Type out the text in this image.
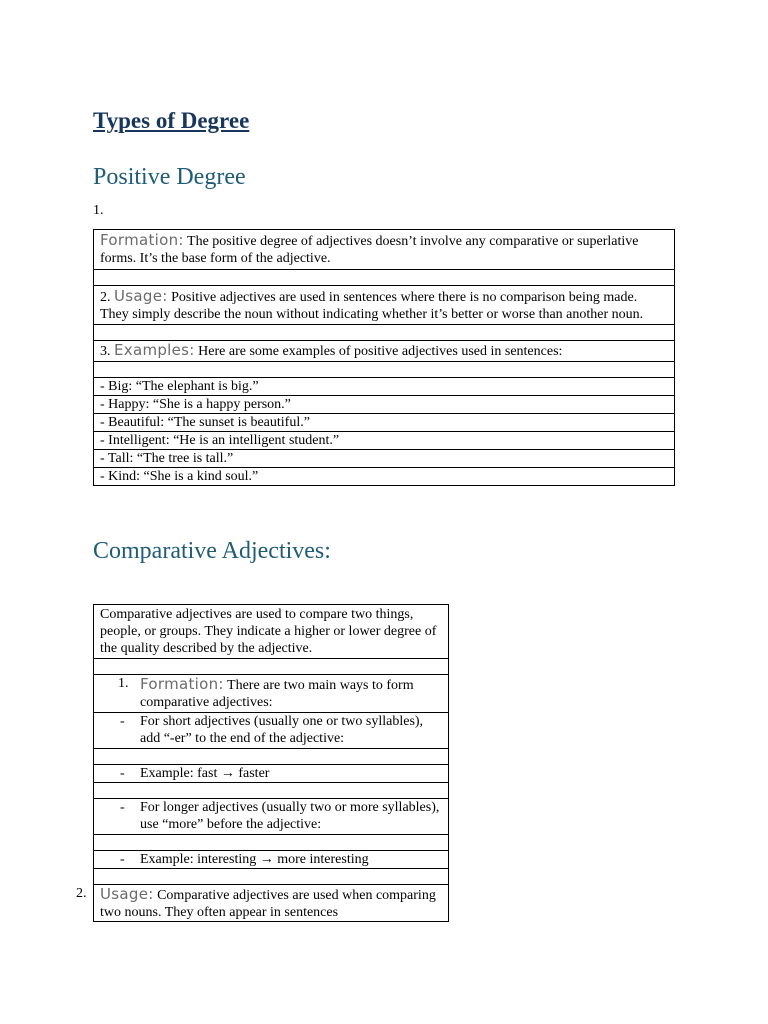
Types of Degree
Positive Degree
1.
Formation: The positive degree of adjectives doesn’t involve any comparative or superlative forms. It’s the base form of the adjective.

2. Usage: Positive adjectives are used in sentences where there is no comparison being made. They simply describe the noun without indicating whether it’s better or worse than another noun.

3. Examples: Here are some examples of positive adjectives used in sentences:

- Big: “The elephant is big.”
- Happy: “She is a happy person.”
- Beautiful: “The sunset is beautiful.”
- Intelligent: “He is an intelligent student.”
- Tall: “The tree is tall.”
- Kind: “She is a kind soul.”
Comparative Adjectives:
Comparative adjectives are used to compare two things, people, or groups. They indicate a higher or lower degree of the quality described by the adjective.

1. Formation: There are two main ways to form comparative adjectives:

- For short adjectives (usually one or two syllables), add “-er” to the end of the adjective:

- Example: fast → faster

- For longer adjectives (usually two or more syllables), use “more” before the adjective:

- Example: interesting → more interesting

Usage: Comparative adjectives are used when comparing two nouns. They often appear in sentences
2.
